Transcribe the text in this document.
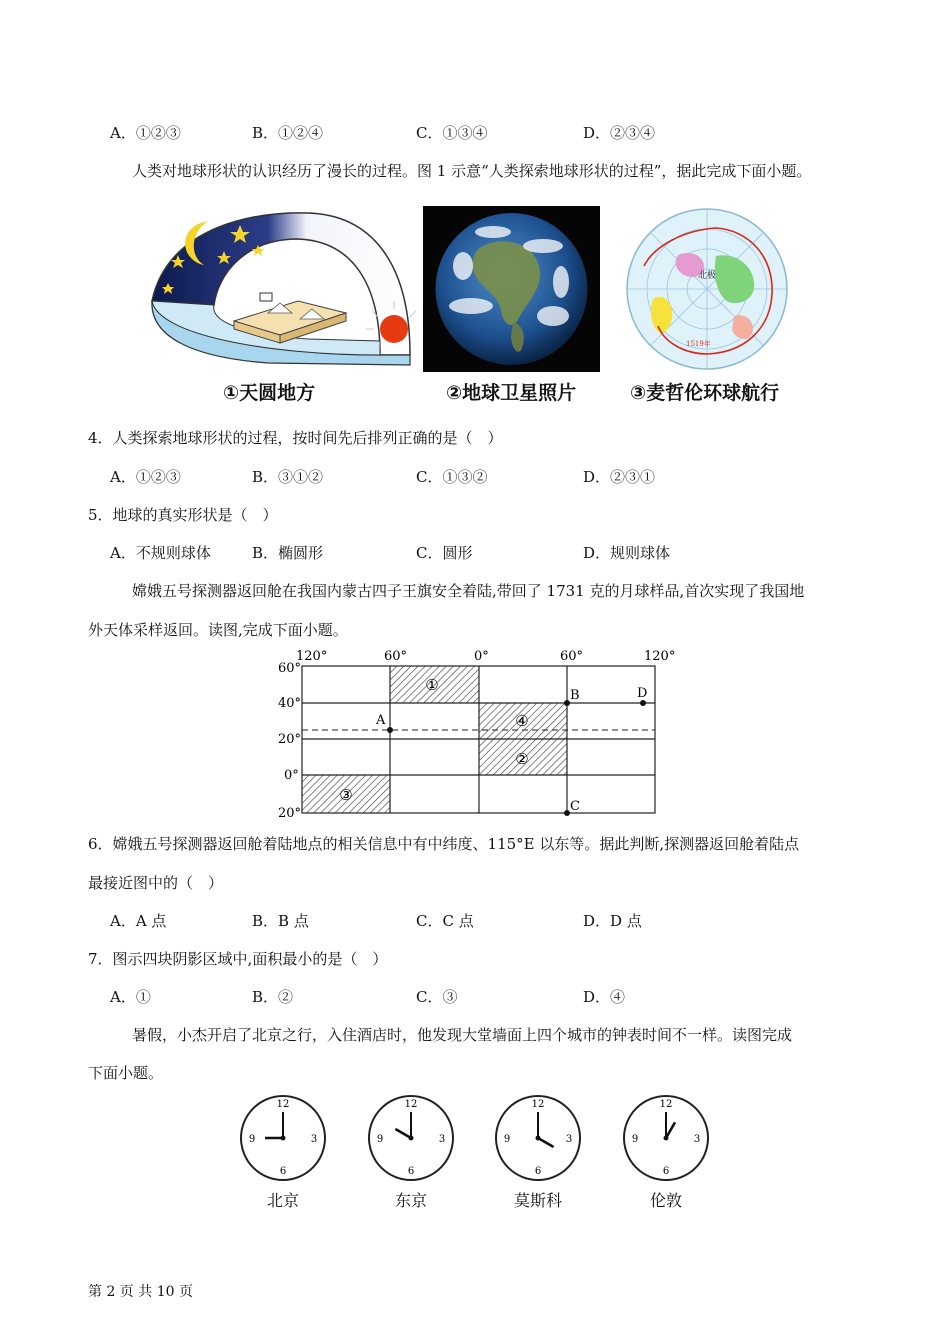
A．①②③	B．①②④	C．①③④	D．②③④
人类对地球形状的认识经历了漫长的过程。图 1 示意“人类探索地球形状的过程”，据此完成下面小题。
①天圆地方	②地球卫星照片
北极
1519年
③麦哲伦环球航行
4．人类探索地球形状的过程，按时间先后排列正确的是（　）
A．①②③	B．③①②	C．①③②	D．②③①
5．地球的真实形状是（　）
A．不规则球体	B．椭圆形	C．圆形	D．规则球体
嫦娥五号探测器返回舱在我国内蒙古四子王旗安全着陆,带回了 1731 克的月球样品,首次实现了我国地
外天体采样返回。读图,完成下面小题。
120°	60°	0°	60°	120°
60°
40°
20°
0°
20°
①
④
②
③
A
B
C
D
6．嫦娥五号探测器返回舱着陆地点的相关信息中有中纬度、115°E 以东等。据此判断,探测器返回舱着陆点
最接近图中的（　）
A．A 点	B．B 点	C．C 点	D．D 点
7．图示四块阴影区域中,面积最小的是（　）
A．①	B．②	C．③	D．④
暑假，小杰开启了北京之行，入住酒店时，他发现大堂墙面上四个城市的钟表时间不一样。读图完成
下面小题。
12
3
6
9
12
3
6
9
12
3
6
9
12
3
6
9
北京	东京	莫斯科	伦敦
第 2 页 共 10 页
